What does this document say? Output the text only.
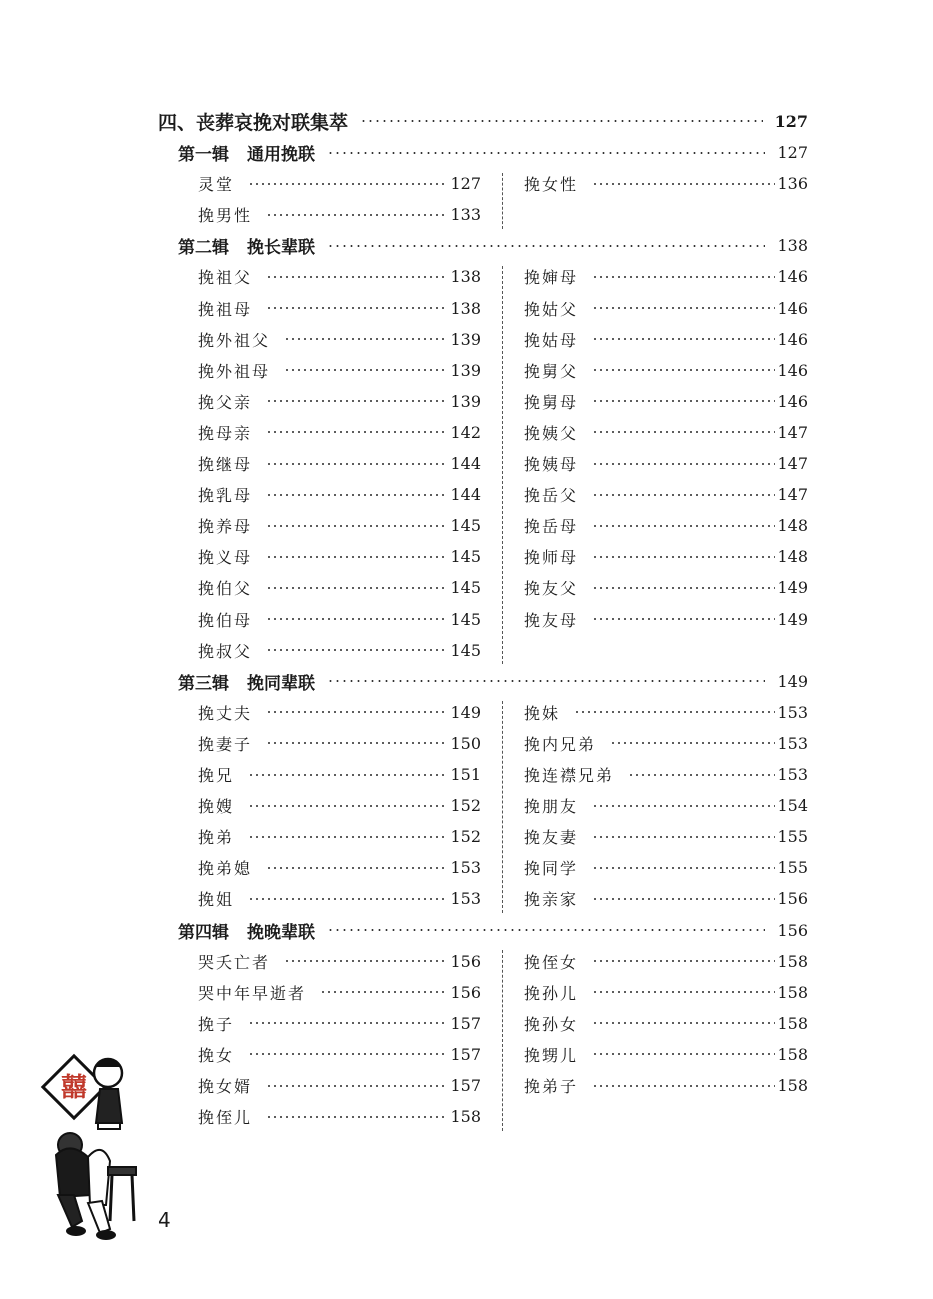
四、丧葬哀挽对联集萃	127
第一辑 通用挽联	127
灵堂	127
挽男性	133
挽女性	136
第二辑 挽长辈联	138
挽祖父	138
挽祖母	138
挽外祖父	139
挽外祖母	139
挽父亲	139
挽母亲	142
挽继母	144
挽乳母	144
挽养母	145
挽义母	145
挽伯父	145
挽伯母	145
挽叔父	145
挽婶母	146
挽姑父	146
挽姑母	146
挽舅父	146
挽舅母	146
挽姨父	147
挽姨母	147
挽岳父	147
挽岳母	148
挽师母	148
挽友父	149
挽友母	149
第三辑 挽同辈联	149
挽丈夫	149
挽妻子	150
挽兄	151
挽嫂	152
挽弟	152
挽弟媳	153
挽姐	153
挽妹	153
挽内兄弟	153
挽连襟兄弟	153
挽朋友	154
挽友妻	155
挽同学	155
挽亲家	156
第四辑 挽晚辈联	156
哭夭亡者	156
哭中年早逝者	156
挽子	157
挽女	157
挽女婿	157
挽侄儿	158
挽侄女	158
挽孙儿	158
挽孙女	158
挽甥儿	158
挽弟子	158
囍
4
